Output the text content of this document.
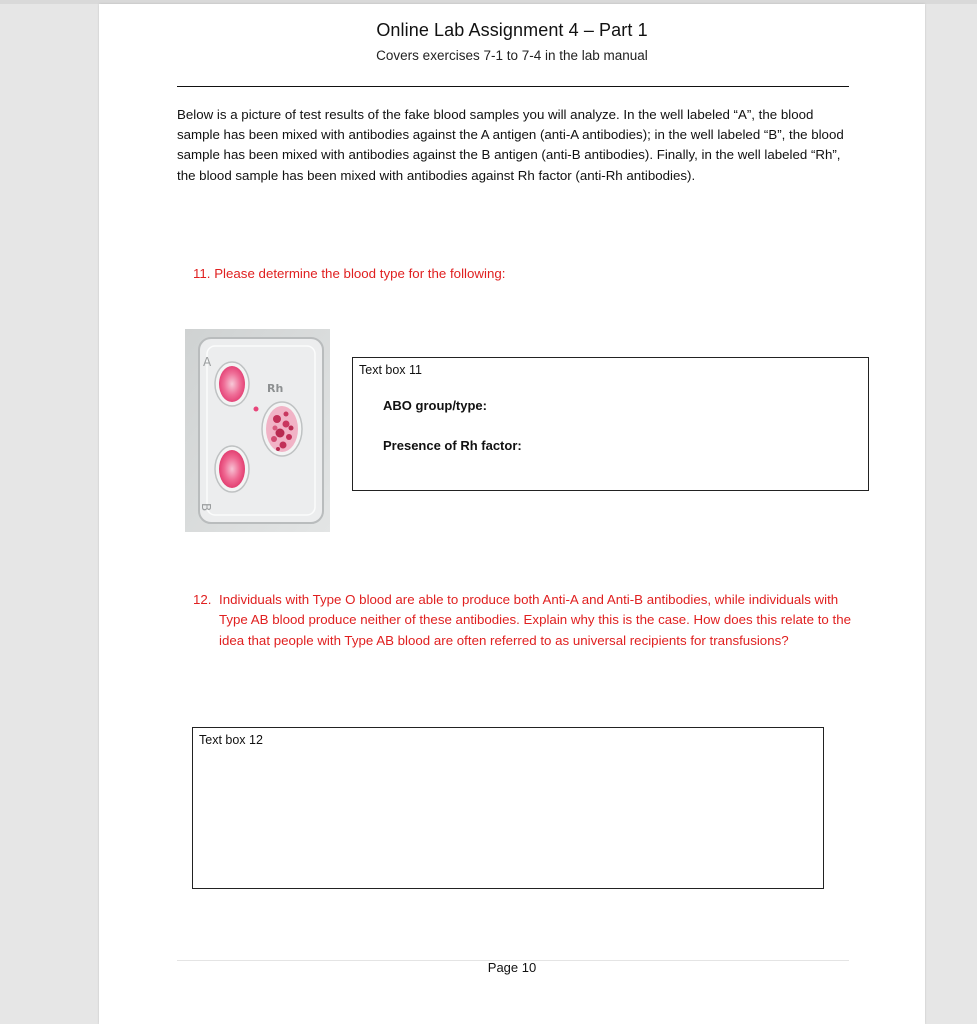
Online Lab Assignment 4 – Part 1
Covers exercises 7-1 to 7-4 in the lab manual
Below is a picture of test results of the fake blood samples you will analyze. In the well labeled “A”, the blood sample has been mixed with antibodies against the A antigen (anti-A antibodies); in the well labeled “B”, the blood sample has been mixed with antibodies against the B antigen (anti-B antibodies). Finally, in the well labeled “Rh”, the blood sample has been mixed with antibodies against Rh factor (anti-Rh antibodies).
11. Please determine the blood type for the following:
A
Rh
B
Text box 11
ABO group/type:
Presence of Rh factor:
12. Individuals with Type O blood are able to produce both Anti-A and Anti-B antibodies, while individuals with Type AB blood produce neither of these antibodies. Explain why this is the case. How does this relate to the idea that people with Type AB blood are often referred to as universal recipients for transfusions?
Text box 12
Page 10
